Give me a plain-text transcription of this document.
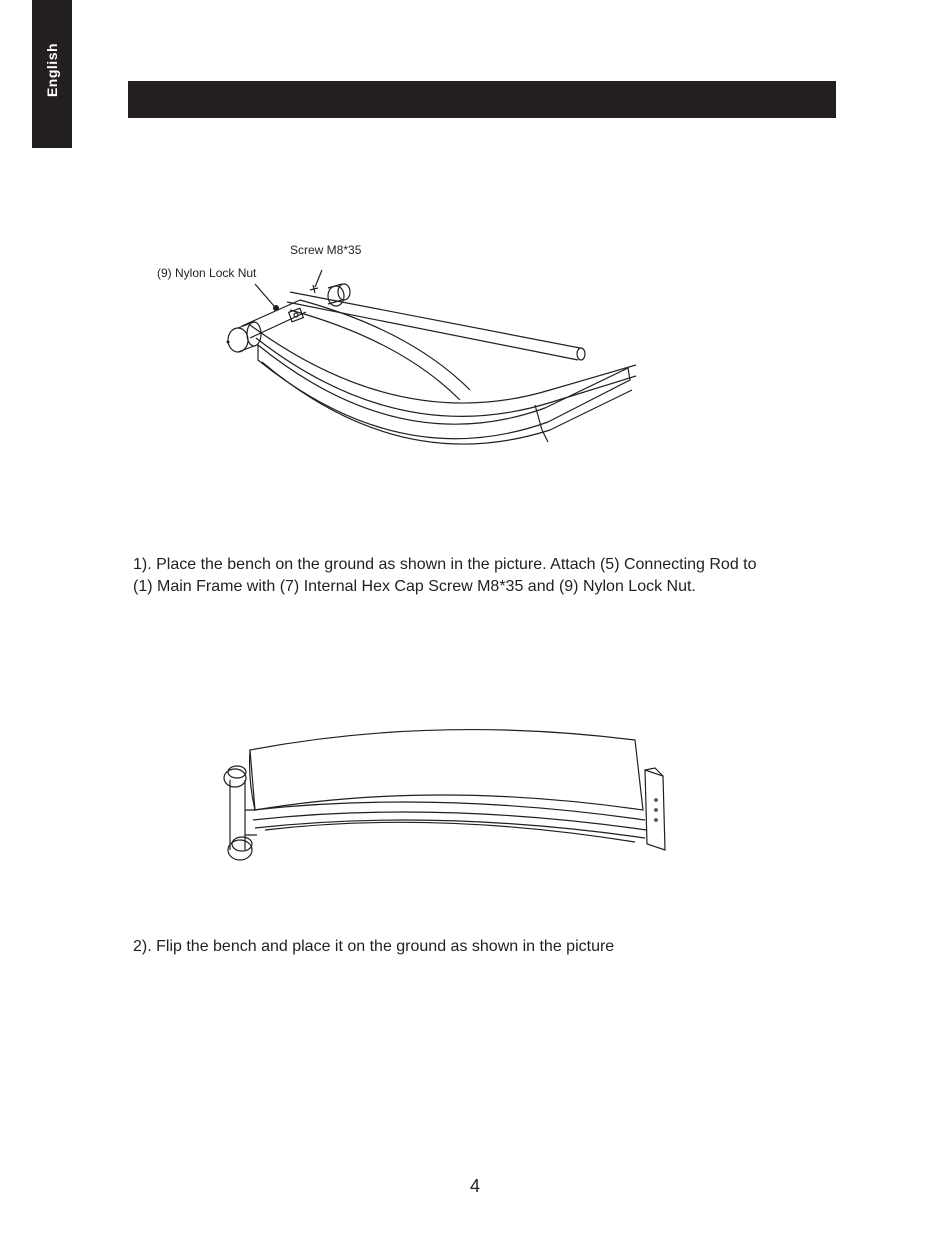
English
Screw M8*35
(9) Nylon Lock Nut
1). Place the bench on the ground as shown in the picture. Attach (5) Connecting Rod to
(1) Main Frame with (7) Internal Hex Cap Screw M8*35 and (9) Nylon Lock Nut.
2). Flip the bench and place it on the ground as shown in the picture
4
